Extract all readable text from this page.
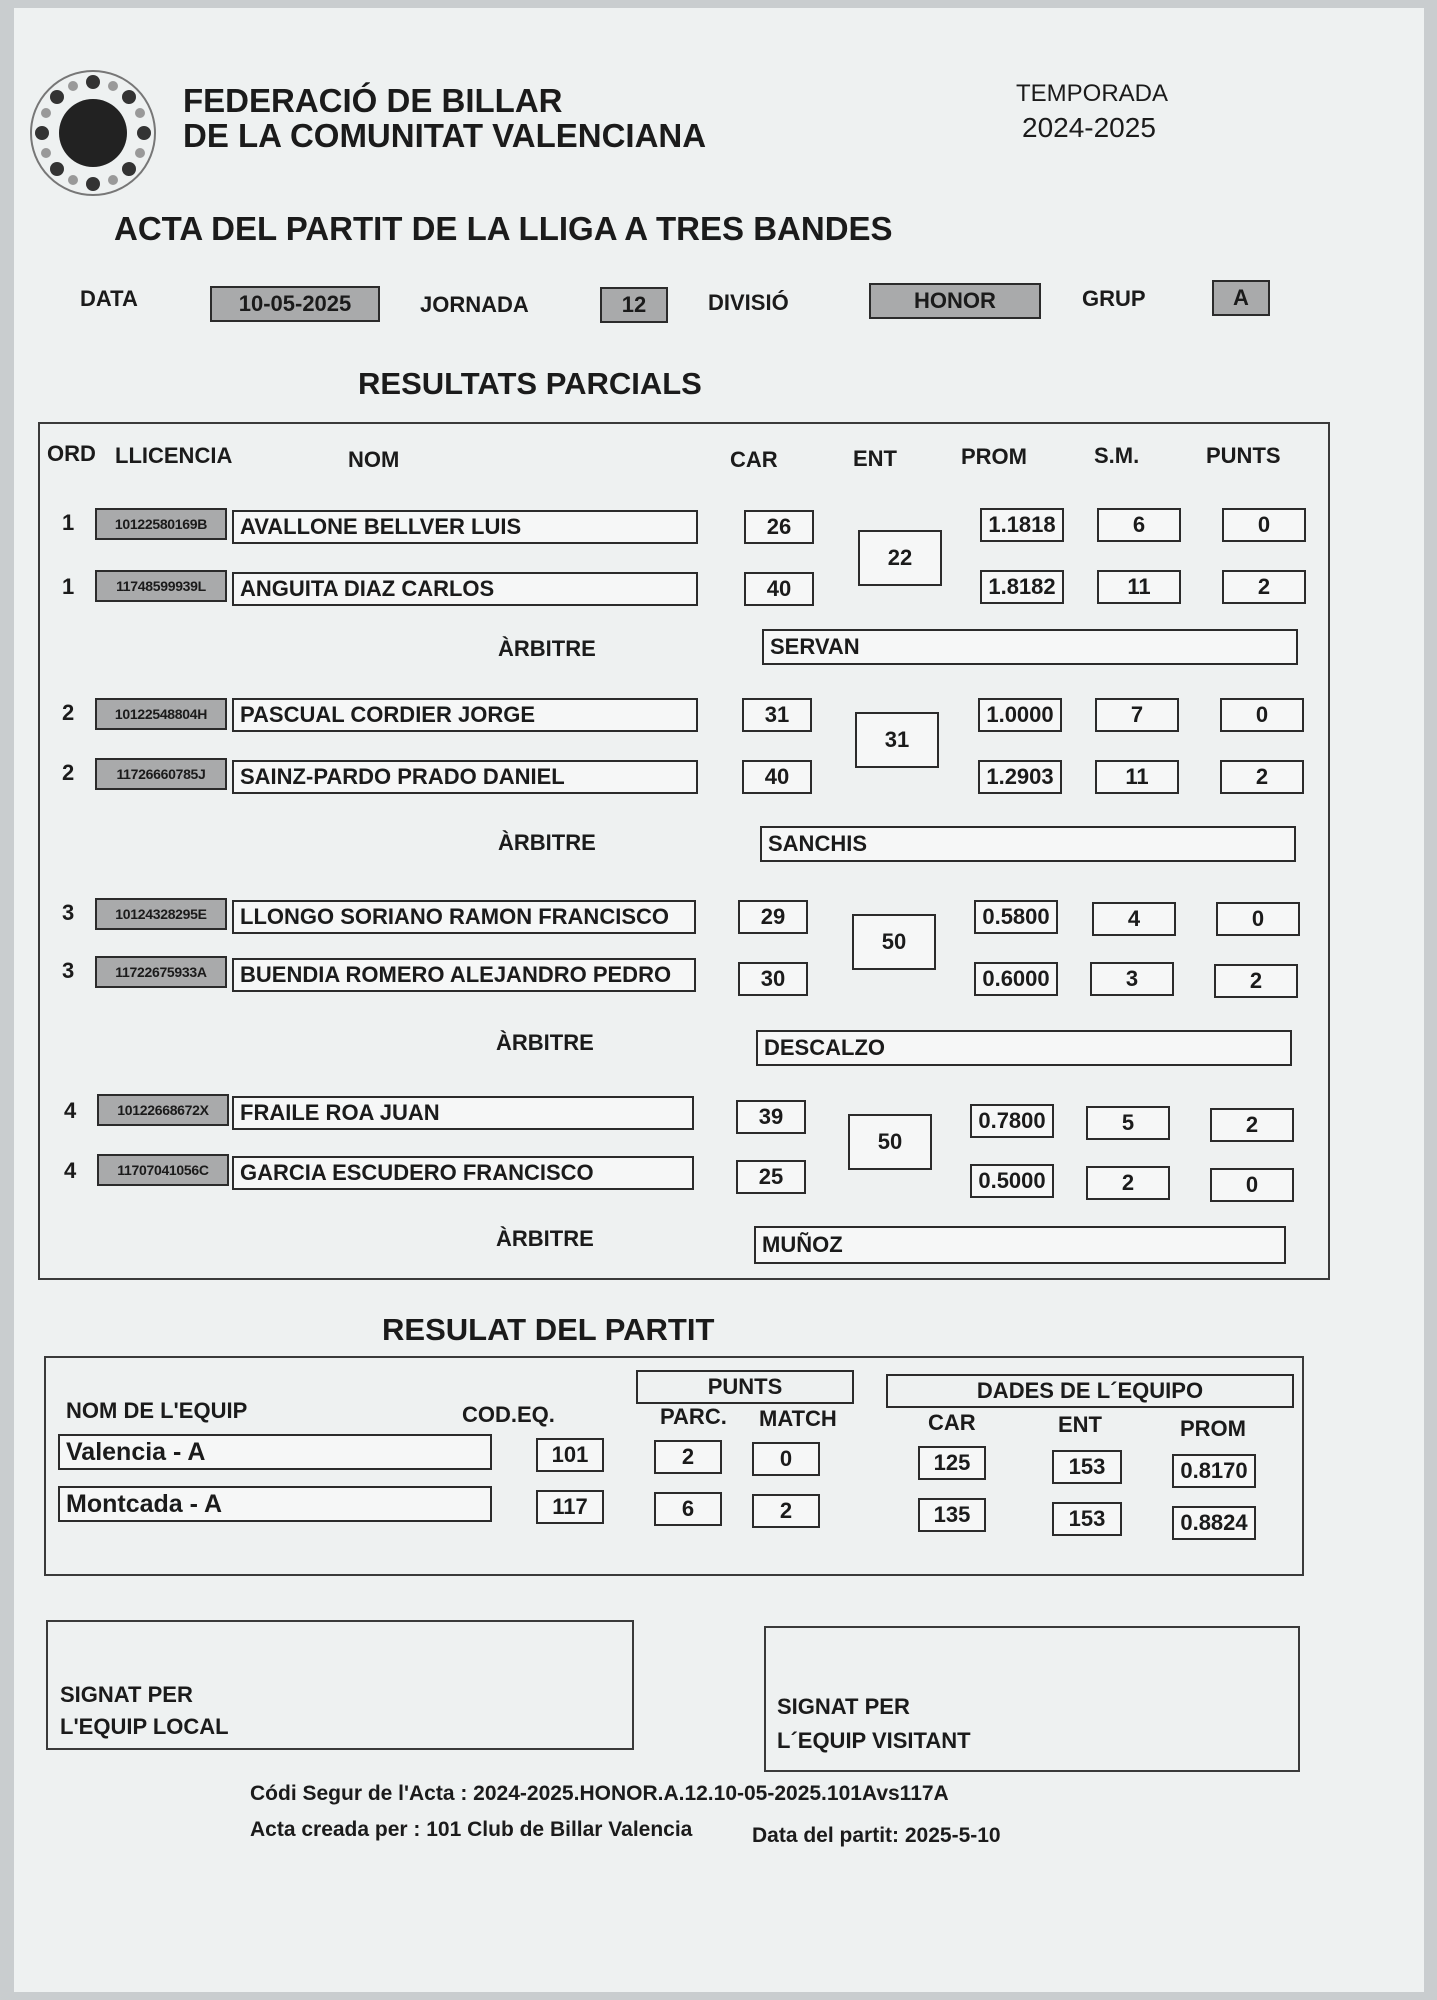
FEDERACIÓ DE BILLAR
DE LA COMUNITAT VALENCIANA
TEMPORADA
2024-2025
ACTA DEL PARTIT DE LA LLIGA A TRES BANDES
DATA	10-05-2025	JORNADA	12	DIVISIÓ	HONOR	GRUP	A
RESULTATS PARCIALS
ORD LLICENCIA	NOM	CAR	ENT	PROM	S.M.	PUNTS
1	10122580169B	AVALLONE BELLVER LUIS	26	1.1818	6	0
22
1	11748599939L	ANGUITA DIAZ CARLOS	40	1.8182	11	2
ÀRBITRE	SERVAN
2	10122548804H	PASCUAL CORDIER JORGE	31	1.0000	7	0
31
2	11726660785J	SAINZ-PARDO PRADO DANIEL	40	1.2903	11	2
ÀRBITRE	SANCHIS
3	10124328295E	LLONGO SORIANO RAMON FRANCISCO	29	0.5800	4	0
50
3	11722675933A	BUENDIA ROMERO ALEJANDRO PEDRO	30	0.6000	3	2
ÀRBITRE	DESCALZO
4	10122668672X	FRAILE ROA JUAN	39	0.7800	5	2
50
4	11707041056C	GARCIA ESCUDERO FRANCISCO	25	0.5000	2	0
ÀRBITRE	MUÑOZ
RESULAT DEL PARTIT
NOM DE L'EQUIP	COD.EQ.
PUNTS
PARC. MATCH
DADES DE L´EQUIPO
CAR	ENT	PROM
Valencia - A	101	2	0	125	153	0.8170
Montcada - A	117	6	2	135	153	0.8824
SIGNAT PER
L'EQUIP LOCAL
SIGNAT PER
L´EQUIP VISITANT
Códi Segur de l'Acta : 2024-2025.HONOR.A.12.10-05-2025.101Avs117A
Acta creada per : 101 Club de Billar Valencia	Data del partit: 2025-5-10
